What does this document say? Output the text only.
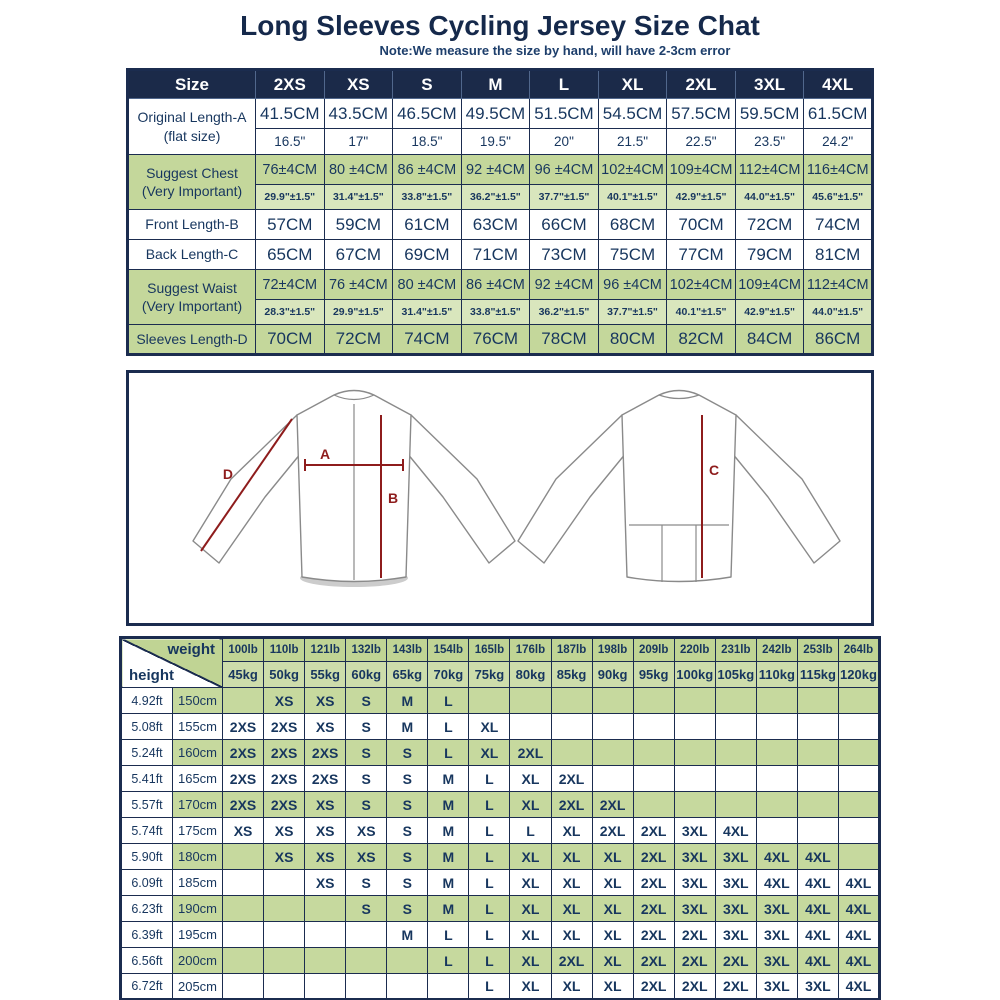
Long Sleeves Cycling Jersey Size Chat
Note:We measure the size by hand, will have 2-3cm error
Size	2XS	XS	S	M	L	XL	2XL	3XL	4XL

Original Length-A
(flat size)	41.5CM	43.5CM	46.5CM	49.5CM	51.5CM	54.5CM	57.5CM	59.5CM	61.5CM
	16.5"	17"	18.5"	19.5"	20"	21.5"	22.5"	23.5"	24.2"

Suggest Chest
(Very Important)	76±4CM	80 ±4CM	86 ±4CM	92 ±4CM	96 ±4CM	102±4CM	109±4CM	112±4CM	116±4CM
	29.9"±1.5"	31.4"±1.5"	33.8"±1.5"	36.2"±1.5"	37.7"±1.5"	40.1"±1.5"	42.9"±1.5"	44.0"±1.5"	45.6"±1.5"

Front Length-B	57CM	59CM	61CM	63CM	66CM	68CM	70CM	72CM	74CM

Back Length-C	65CM	67CM	69CM	71CM	73CM	75CM	77CM	79CM	81CM

Suggest Waist
(Very Important)	72±4CM	76 ±4CM	80 ±4CM	86 ±4CM	92 ±4CM	96 ±4CM	102±4CM	109±4CM	112±4CM
	28.3"±1.5"	29.9"±1.5"	31.4"±1.5"	33.8"±1.5"	36.2"±1.5"	37.7"±1.5"	40.1"±1.5"	42.9"±1.5"	44.0"±1.5"

Sleeves Length-D	70CM	72CM	74CM	76CM	78CM	80CM	82CM	84CM	86CM
A
B
D	C
weight
height		100lb	110lb	121lb	132lb	143lb	154lb	165lb	176lb	187lb	198lb	209lb	220lb	231lb	242lb	253lb	264lb
		45kg	50kg	55kg	60kg	65kg	70kg	75kg	80kg	85kg	90kg	95kg	100kg	105kg	110kg	115kg	120kg
4.92ft	150cm		XS	XS	S	M	L										
5.08ft	155cm	2XS	2XS	XS	S	M	L	XL									
5.24ft	160cm	2XS	2XS	2XS	S	S	L	XL	2XL								
5.41ft	165cm	2XS	2XS	2XS	S	S	M	L	XL	2XL							
5.57ft	170cm	2XS	2XS	XS	S	S	M	L	XL	2XL	2XL						
5.74ft	175cm	XS	XS	XS	XS	S	M	L	L	XL	2XL	2XL	3XL	4XL			
5.90ft	180cm		XS	XS	XS	S	M	L	XL	XL	XL	2XL	3XL	3XL	4XL	4XL	
6.09ft	185cm			XS	S	S	M	L	XL	XL	XL	2XL	3XL	3XL	4XL	4XL	4XL
6.23ft	190cm				S	S	M	L	XL	XL	XL	2XL	3XL	3XL	3XL	4XL	4XL
6.39ft	195cm					M	L	L	XL	XL	XL	2XL	2XL	3XL	3XL	4XL	4XL
6.56ft	200cm						L	L	XL	2XL	XL	2XL	2XL	2XL	3XL	4XL	4XL
6.72ft	205cm							L	XL	XL	XL	2XL	2XL	2XL	3XL	3XL	4XL
